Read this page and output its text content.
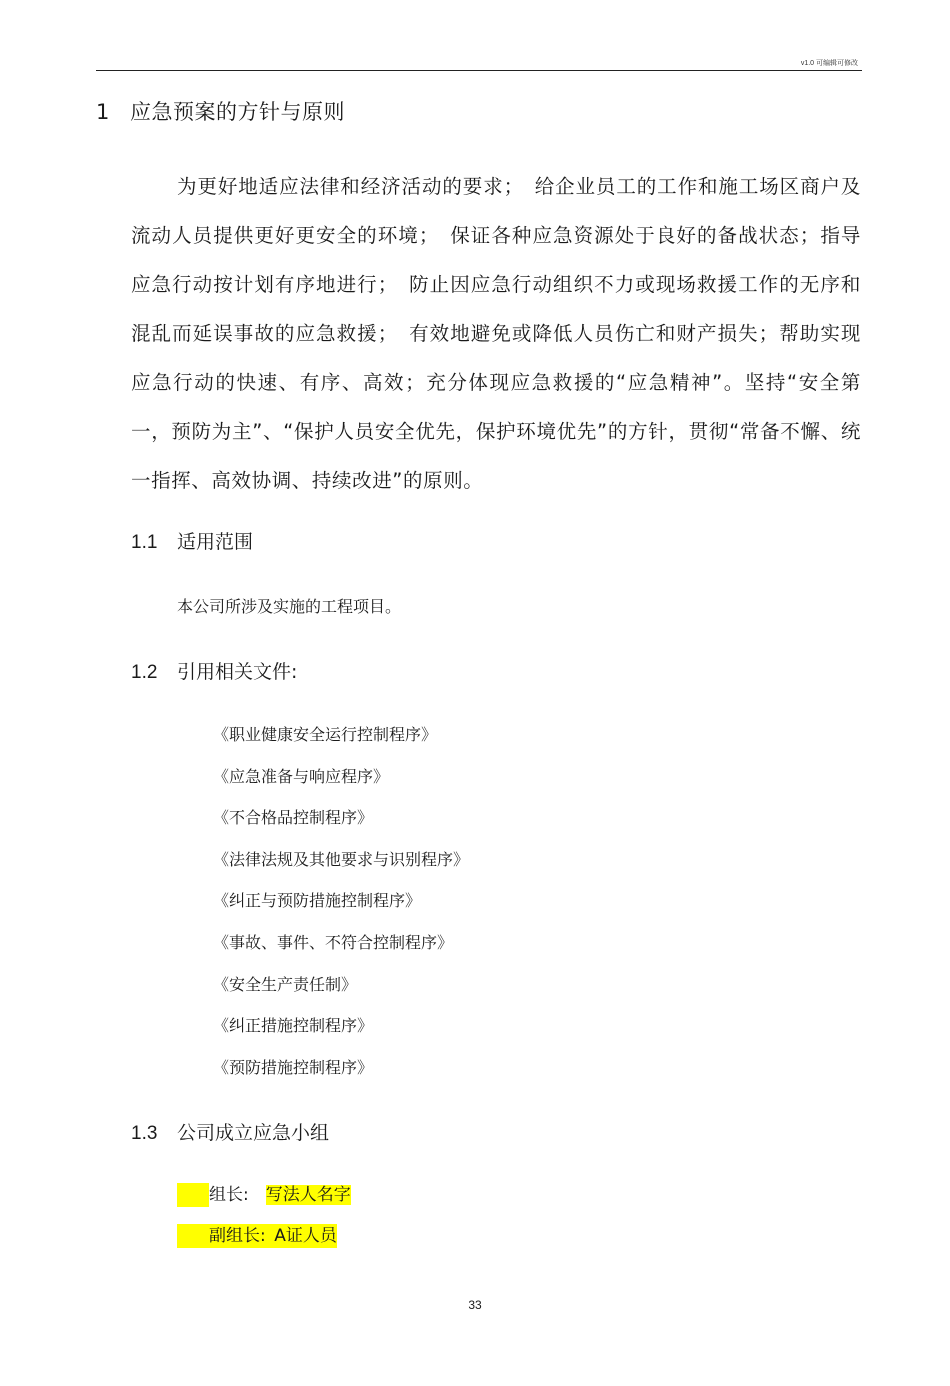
v1.0 可编辑可修改
1 应急预案的方针与原则
为更好地适应法律和经济活动的要求；　给企业员工的工作和施工场区商户及流动人员提供更好更安全的环境；　保证各种应急资源处于良好的备战状态；指导应急行动按计划有序地进行；　防止因应急行动组织不力或现场救援工作的无序和混乱而延误事故的应急救援；　有效地避免或降低人员伤亡和财产损失；帮助实现应急行动的快速、有序、高效；充分体现应急救援的“应急精神”。坚持“安全第一，预防为主”、“保护人员安全优先，保护环境优先”的方针，贯彻“常备不懈、统一指挥、高效协调、持续改进”的原则。
1.1 适用范围
本公司所涉及实施的工程项目。
1.2 引用相关文件:
《职业健康安全运行控制程序》
《应急准备与响应程序》
《不合格品控制程序》
《法律法规及其他要求与识别程序》
《纠正与预防措施控制程序》
《事故、事件、不符合控制程序》
《安全生产责任制》
《纠正措施控制程序》
《预防措施控制程序》
1.3 公司成立应急小组
组长:　 写法人名字
副组长:  A证人员
33
